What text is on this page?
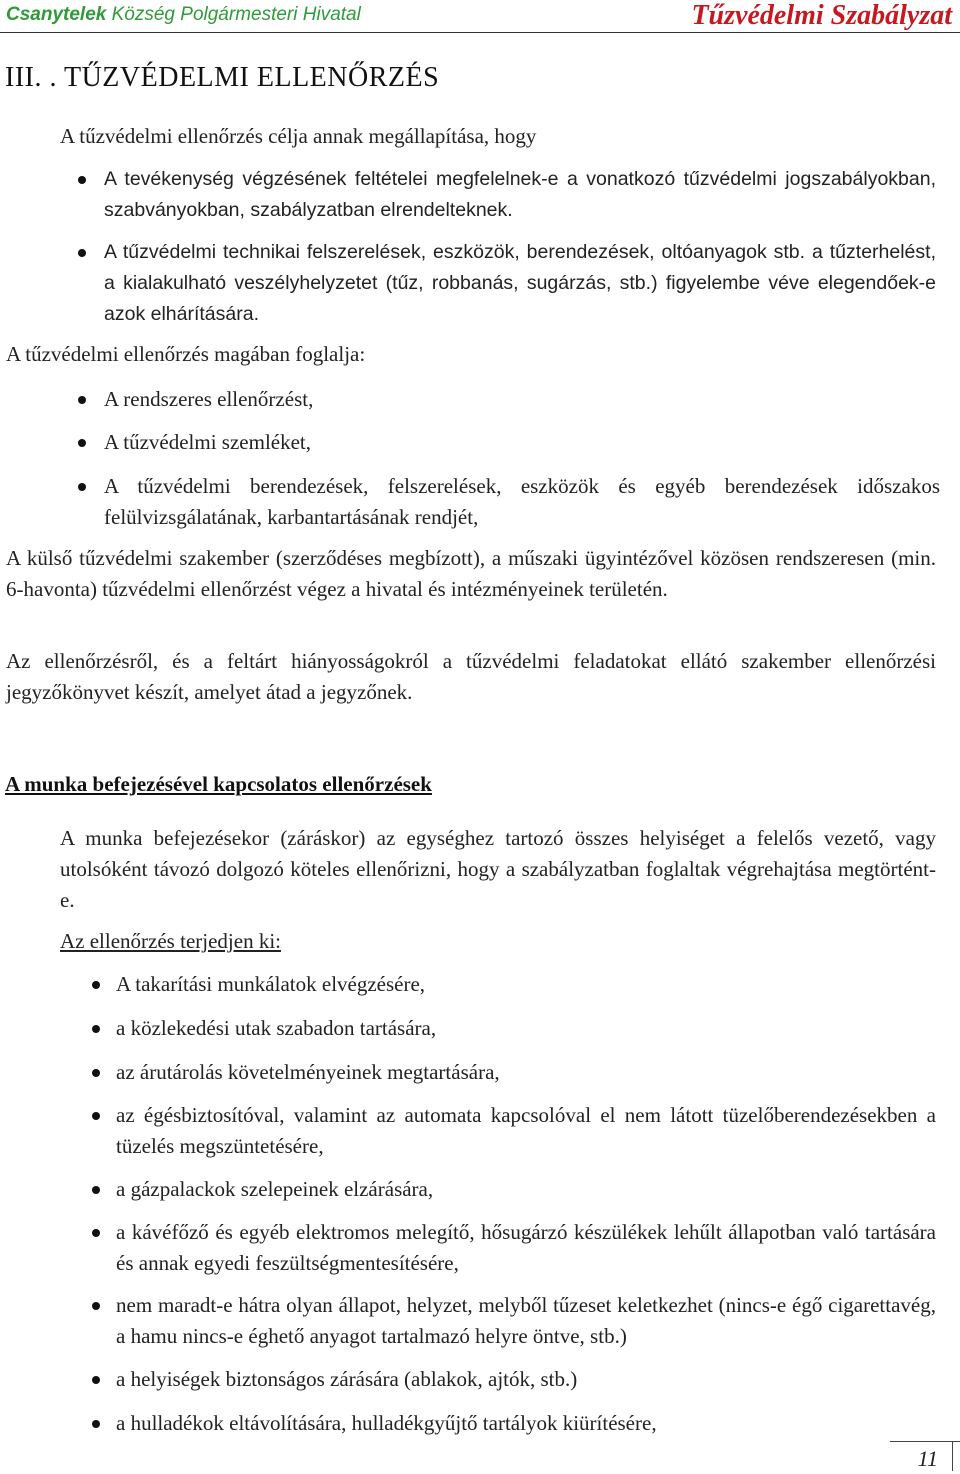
Csanytelek Község Polgármesteri Hivatal	Tűzvédelmi Szabályzat
III. . TŰZVÉDELMI ELLENŐRZÉS
A tűzvédelmi ellenőrzés célja annak megállapítása, hogy
A tevékenység végzésének feltételei megfelelnek-e a vonatkozó tűzvédelmi jogszabályokban, szabványokban, szabályzatban elrendelteknek.
A tűzvédelmi technikai felszerelések, eszközök, berendezések, oltóanyagok stb. a tűzterhelést, a kialakulható veszélyhelyzetet (tűz, robbanás, sugárzás, stb.) figyelembe véve elegendőek-e azok elhárítására.
A tűzvédelmi ellenőrzés magában foglalja:
A rendszeres ellenőrzést,
A tűzvédelmi szemléket,
A tűzvédelmi berendezések, felszerelések, eszközök és egyéb berendezések időszakos felülvizsgálatának, karbantartásának rendjét,
A külső tűzvédelmi szakember (szerződéses megbízott), a műszaki ügyintézővel közösen rendszeresen (min. 6-havonta) tűzvédelmi ellenőrzést végez a hivatal és intézményeinek területén.
Az ellenőrzésről, és a feltárt hiányosságokról a tűzvédelmi feladatokat ellátó szakember ellenőrzési jegyzőkönyvet készít, amelyet átad a jegyzőnek.
A munka befejezésével kapcsolatos ellenőrzések
A munka befejezésekor (záráskor) az egységhez tartozó összes helyiséget a felelős vezető, vagy utolsóként távozó dolgozó köteles ellenőrizni, hogy a szabályzatban foglaltak végrehajtása megtörtént-e.
Az ellenőrzés terjedjen ki:
A takarítási munkálatok elvégzésére,
a közlekedési utak szabadon tartására,
az árutárolás követelményeinek megtartására,
az égésbiztosítóval, valamint az automata kapcsolóval el nem látott tüzelőberendezésekben a tüzelés megszüntetésére,
a gázpalackok szelepeinek elzárására,
a kávéfőző és egyéb elektromos melegítő, hősugárzó készülékek lehűlt állapotban való tartására és annak egyedi feszültségmentesítésére,
nem maradt-e hátra olyan állapot, helyzet, melyből tűzeset keletkezhet (nincs-e égő cigarettavég, a hamu nincs-e éghető anyagot tartalmazó helyre öntve, stb.)
a helyiségek biztonságos zárására (ablakok, ajtók, stb.)
a hulladékok eltávolítására, hulladékgyűjtő tartályok kiürítésére,
11
